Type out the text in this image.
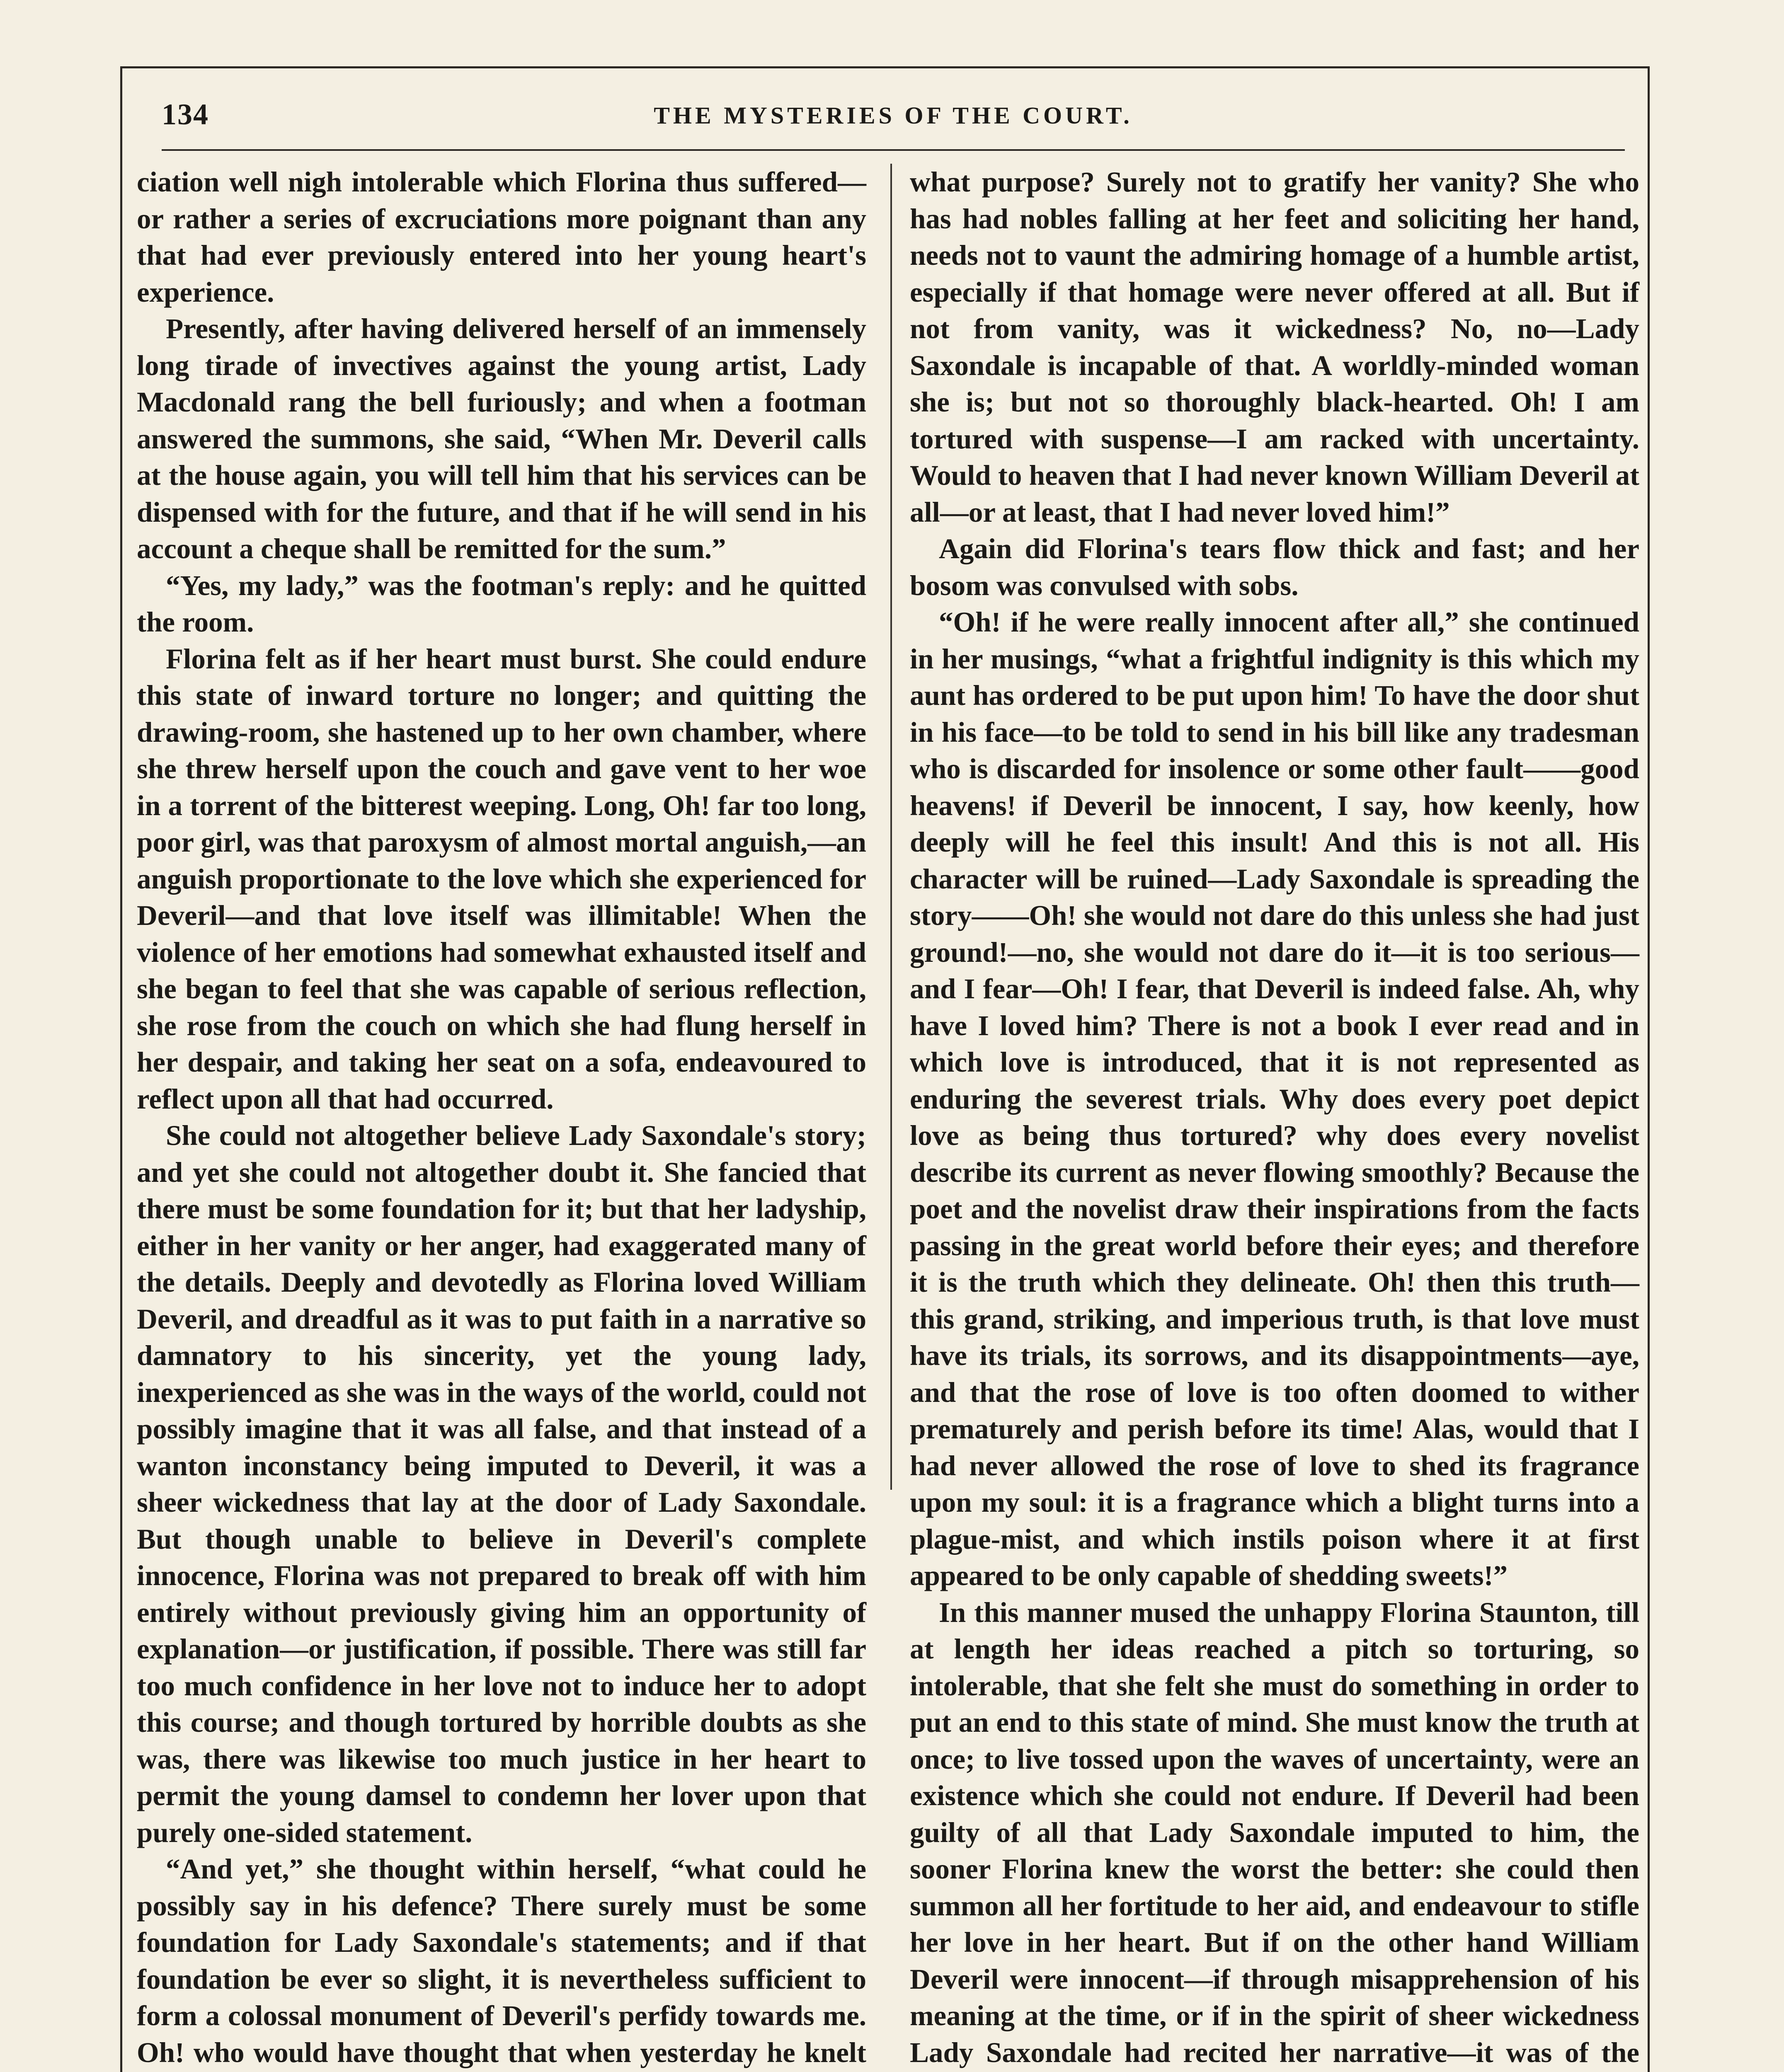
134	THE MYSTERIES OF THE COURT.

ciation well nigh intolerable which Florina thus suffered—or rather a series of excruciations more poignant than any that had ever previously entered into her young heart's experience.

Presently, after having delivered herself of an immensely long tirade of invectives against the young artist, Lady Macdonald rang the bell furiously; and when a footman answered the summons, she said, “When Mr. Deveril calls at the house again, you will tell him that his services can be dispensed with for the future, and that if he will send in his account a cheque shall be remitted for the sum.”

“Yes, my lady,” was the footman's reply: and he quitted the room.

Florina felt as if her heart must burst. She could endure this state of inward torture no longer; and quitting the drawing-room, she hastened up to her own chamber, where she threw herself upon the couch and gave vent to her woe in a torrent of the bitterest weeping. Long, Oh! far too long, poor girl, was that paroxysm of almost mortal anguish,—an anguish proportionate to the love which she experienced for Deveril—and that love itself was illimitable! When the violence of her emotions had somewhat exhausted itself and she began to feel that she was capable of serious reflection, she rose from the couch on which she had flung herself in her despair, and taking her seat on a sofa, endeavoured to reflect upon all that had occurred.

She could not altogether believe Lady Saxondale's story; and yet she could not altogether doubt it. She fancied that there must be some foundation for it; but that her ladyship, either in her vanity or her anger, had exaggerated many of the details. Deeply and devotedly as Florina loved William Deveril, and dreadful as it was to put faith in a narrative so damnatory to his sincerity, yet the young lady, inexperienced as she was in the ways of the world, could not possibly imagine that it was all false, and that instead of a wanton inconstancy being imputed to Deveril, it was a sheer wickedness that lay at the door of Lady Saxondale. But though unable to believe in Deveril's complete innocence, Florina was not prepared to break off with him entirely without previously giving him an opportunity of explanation—or justification, if possible. There was still far too much confidence in her love not to induce her to adopt this course; and though tortured by horrible doubts as she was, there was likewise too much justice in her heart to permit the young damsel to condemn her lover upon that purely one-sided statement.

“And yet,” she thought within herself, “what could he possibly say in his defence? There surely must be some foundation for Lady Saxondale's statements; and if that foundation be ever so slight, it is nevertheless sufficient to form a colossal monument of Deveril's perfidy towards me. Oh! who would have thought that when yesterday he knelt

what purpose? Surely not to gratify her vanity? She who has had nobles falling at her feet and soliciting her hand, needs not to vaunt the admiring homage of a humble artist, especially if that homage were never offered at all. But if not from vanity, was it wickedness? No, no—Lady Saxondale is incapable of that. A worldly-minded woman she is; but not so thoroughly black-hearted. Oh! I am tortured with suspense—I am racked with uncertainty. Would to heaven that I had never known William Deveril at all—or at least, that I had never loved him!”

Again did Florina's tears flow thick and fast; and her bosom was convulsed with sobs.

“Oh! if he were really innocent after all,” she continued in her musings, “what a frightful indignity is this which my aunt has ordered to be put upon him! To have the door shut in his face—to be told to send in his bill like any tradesman who is discarded for insolence or some other fault——good heavens! if Deveril be innocent, I say, how keenly, how deeply will he feel this insult! And this is not all. His character will be ruined—Lady Saxondale is spreading the story——Oh! she would not dare do this unless she had just ground!—no, she would not dare do it—it is too serious—and I fear—Oh! I fear, that Deveril is indeed false. Ah, why have I loved him? There is not a book I ever read and in which love is introduced, that it is not represented as enduring the severest trials. Why does every poet depict love as being thus tortured? why does every novelist describe its current as never flowing smoothly? Because the poet and the novelist draw their inspirations from the facts passing in the great world before their eyes; and therefore it is the truth which they delineate. Oh! then this truth—this grand, striking, and imperious truth, is that love must have its trials, its sorrows, and its disappointments—aye, and that the rose of love is too often doomed to wither prematurely and perish before its time! Alas, would that I had never allowed the rose of love to shed its fragrance upon my soul: it is a fragrance which a blight turns into a plague-mist, and which instils poison where it at first appeared to be only capable of shedding sweets!”

In this manner mused the unhappy Florina Staunton, till at length her ideas reached a pitch so torturing, so intolerable, that she felt she must do something in order to put an end to this state of mind. She must know the truth at once; to live tossed upon the waves of uncertainty, were an existence which she could not endure. If Deveril had been guilty of all that Lady Saxondale imputed to him, the sooner Florina knew the worst the better: she could then summon all her fortitude to her aid, and endeavour to stifle her love in her heart. But if on the other hand William Deveril were innocent—if through misapprehension of his meaning at the time, or if in the spirit of sheer wickedness Lady Saxondale had recited her narrative—it was of the
